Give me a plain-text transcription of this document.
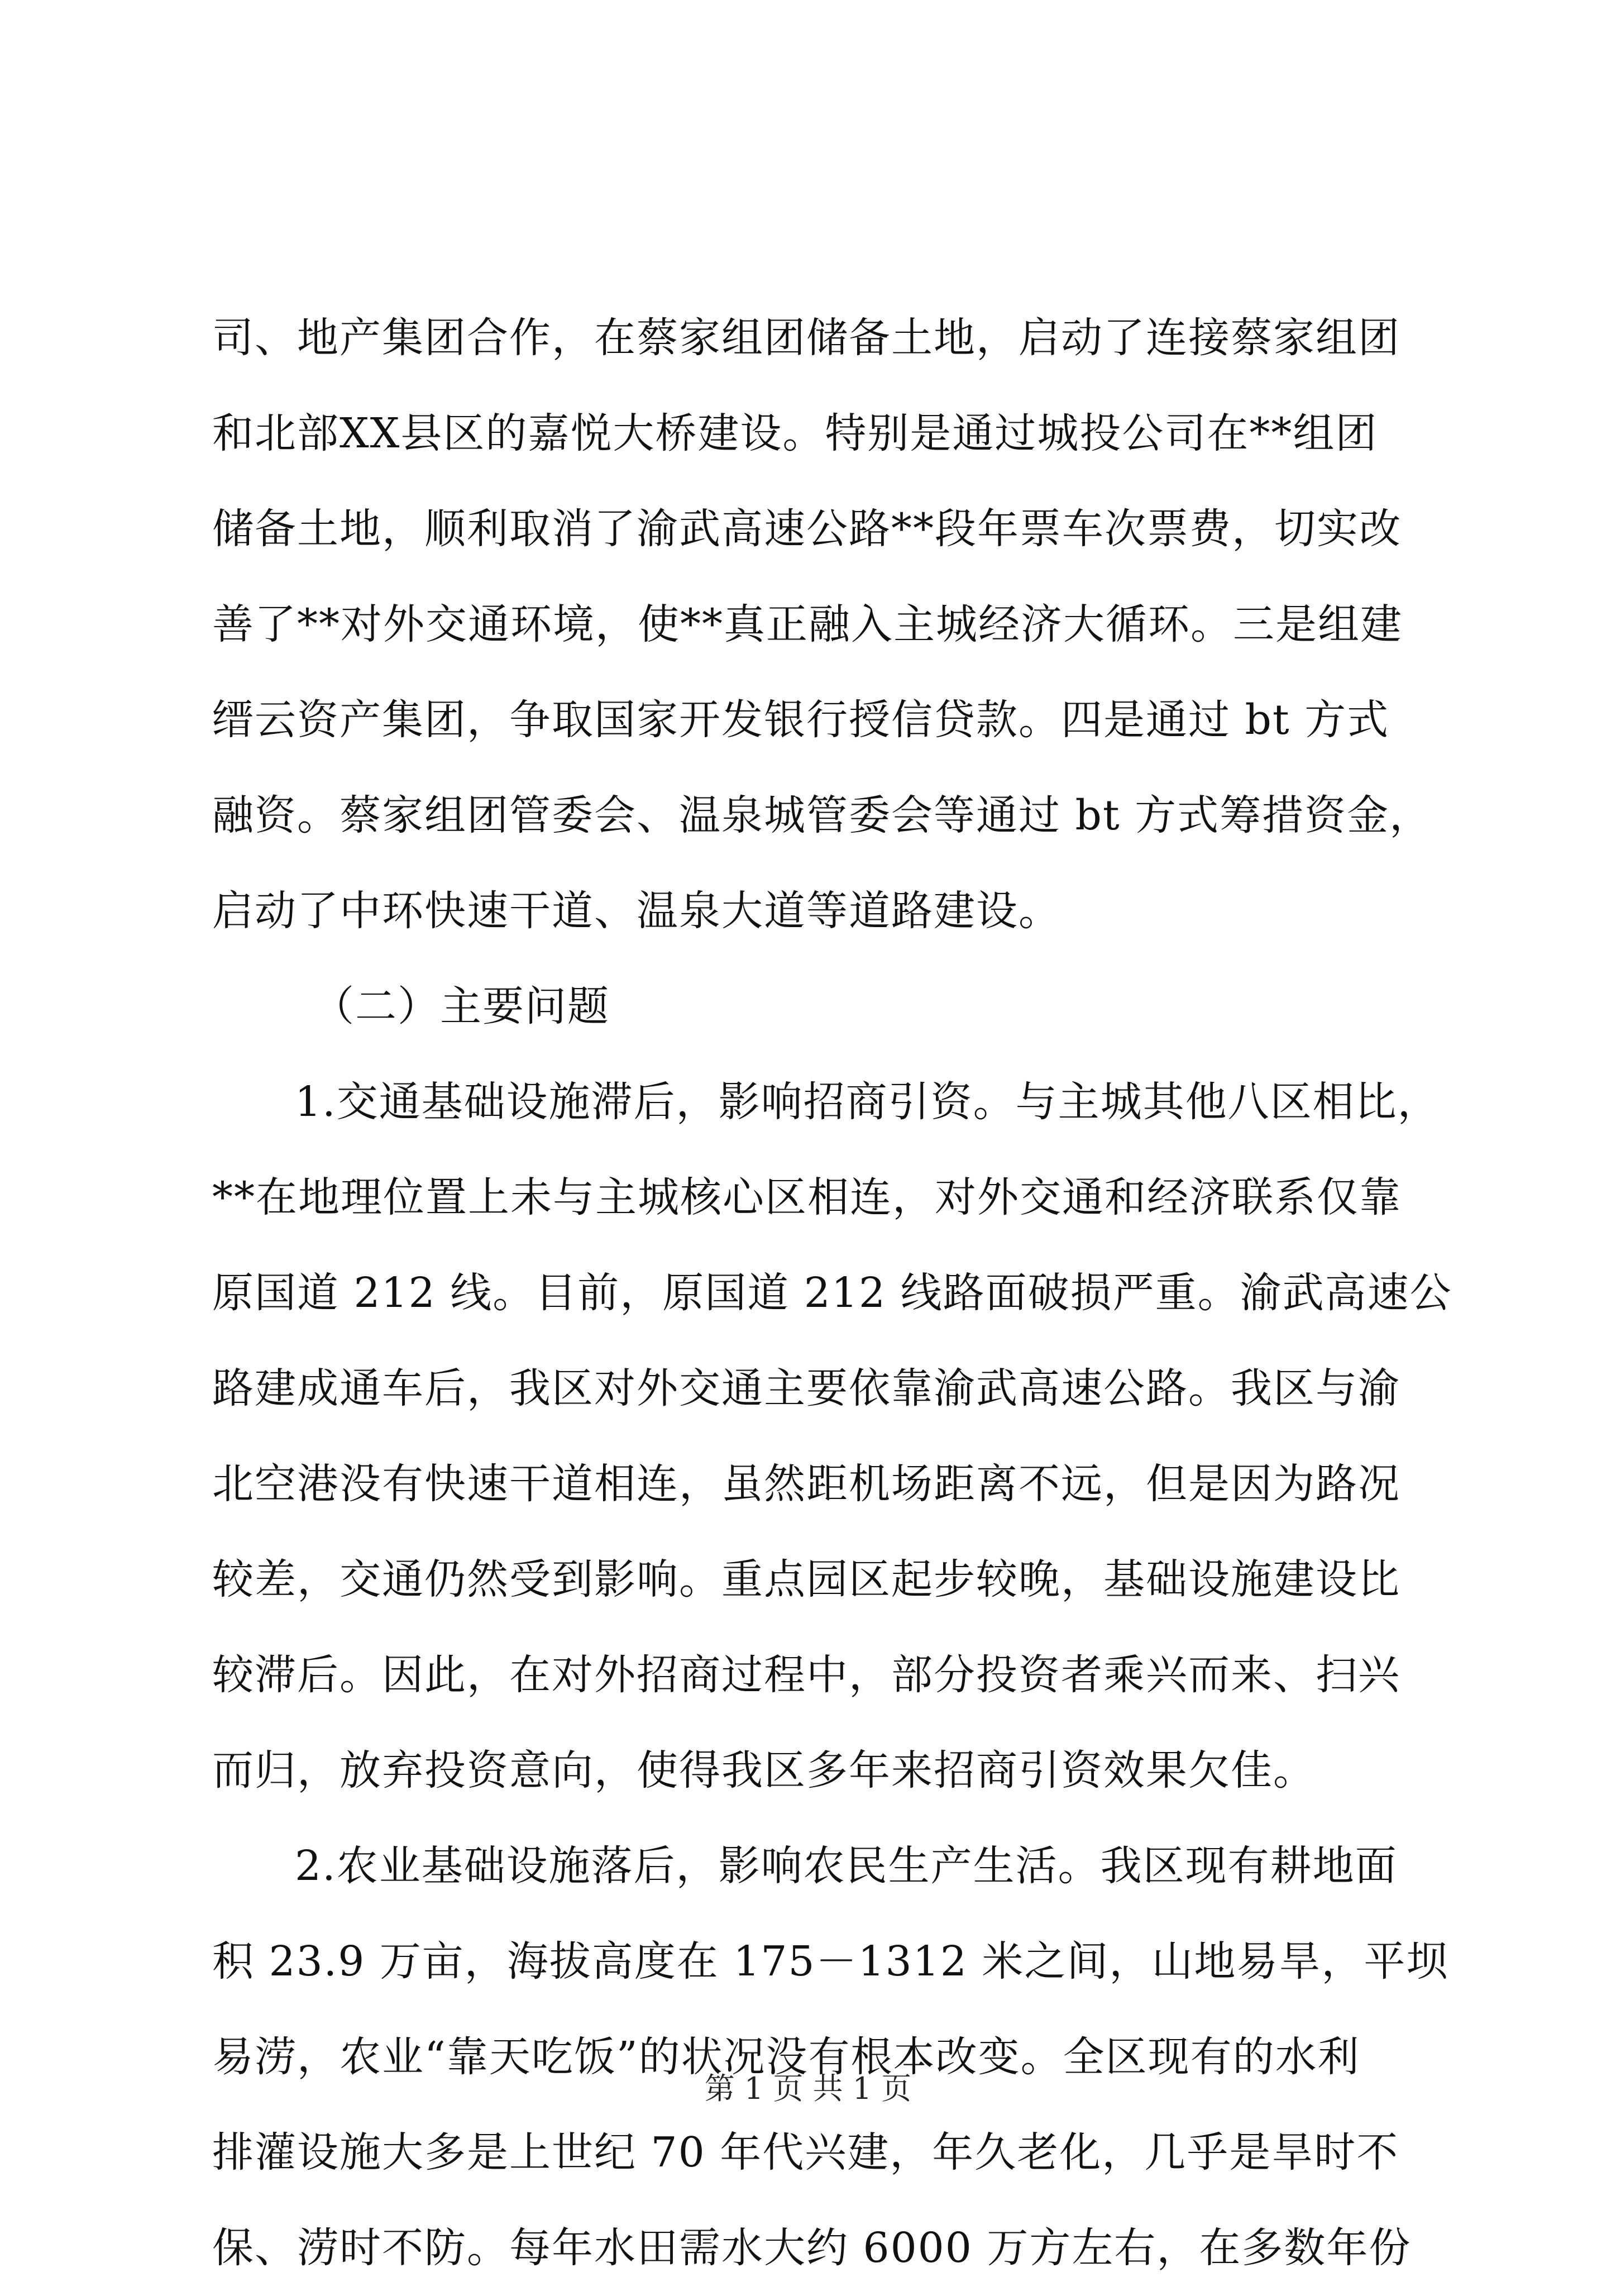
司、地产集团合作，在蔡家组团储备土地，启动了连接蔡家组团
和北部XX县区的嘉悦大桥建设。特别是通过城投公司在**组团
储备土地，顺利取消了渝武高速公路**段年票车次票费，切实改
善了**对外交通环境，使**真正融入主城经济大循环。三是组建
缙云资产集团，争取国家开发银行授信贷款。四是通过 bt 方式
融资。蔡家组团管委会、温泉城管委会等通过 bt 方式筹措资金，
启动了中环快速干道、温泉大道等道路建设。
（二）主要问题
1.交通基础设施滞后，影响招商引资。与主城其他八区相比，
**在地理位置上未与主城核心区相连，对外交通和经济联系仅靠
原国道 212 线。目前，原国道 212 线路面破损严重。渝武高速公
路建成通车后，我区对外交通主要依靠渝武高速公路。我区与渝
北空港没有快速干道相连，虽然距机场距离不远，但是因为路况
较差，交通仍然受到影响。重点园区起步较晚，基础设施建设比
较滞后。因此，在对外招商过程中，部分投资者乘兴而来、扫兴
而归，放弃投资意向，使得我区多年来招商引资效果欠佳。
2.农业基础设施落后，影响农民生产生活。我区现有耕地面
积 23.9 万亩，海拔高度在 175－1312 米之间，山地易旱，平坝
易涝，农业“靠天吃饭”的状况没有根本改变。全区现有的水利
排灌设施大多是上世纪 70 年代兴建，年久老化，几乎是旱时不
保、涝时不防。每年水田需水大约 6000 万方左右，在多数年份
第 1 页 共 1 页
